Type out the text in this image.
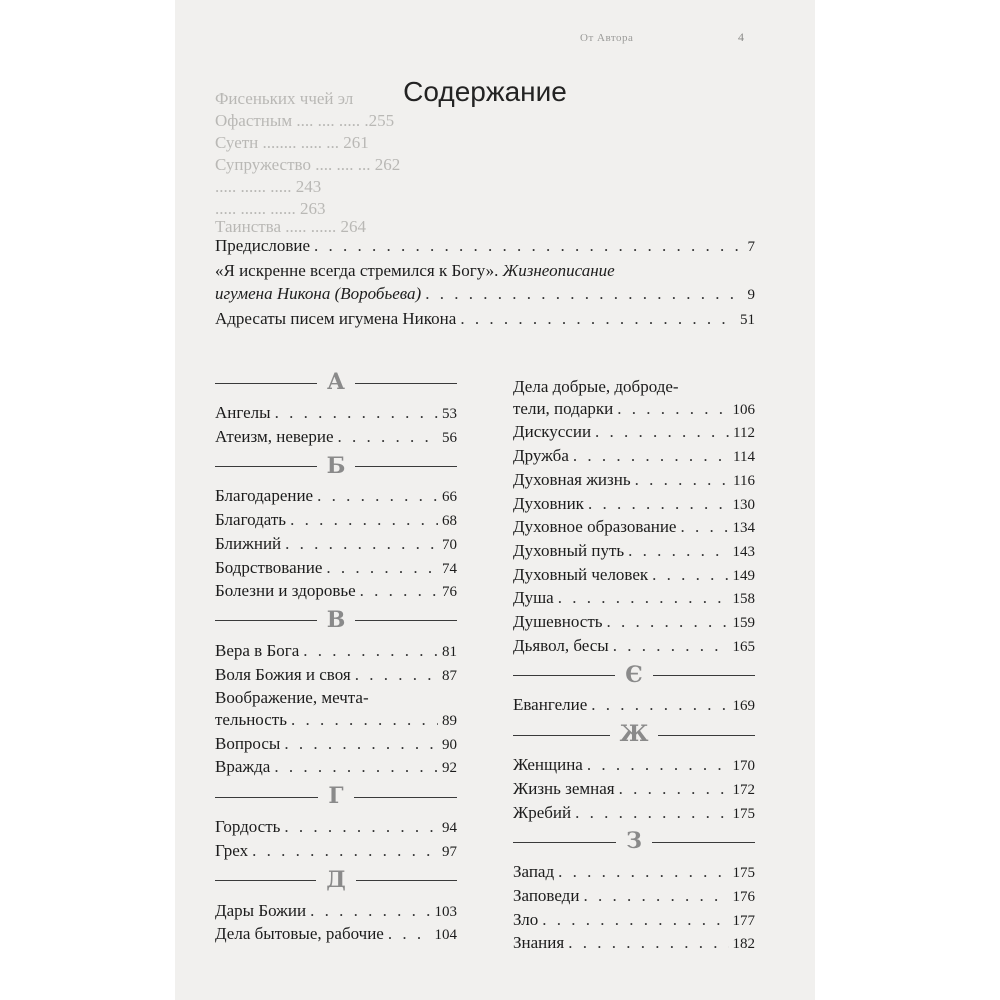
От Автора	4
Фисеньких ччей эл
Офастным .... .... ..... .255
Суетн ........ ..... ... 261
Супружество .... .... ... 262
..... ...... ..... 243
..... ...... ...... 263
Таинства ..... ...... 264
Содержание
Предисловие . . .	7
«Я искренне всегда стремился к Богу». Жизнеописание
игумена Никона (Воробьева) . . .	9
Адресаты писем игумена Никона . . .	51
А
Ангелы . . .	53
Атеизм, неверие . . .	56
Б
Благодарение . . .	66
Благодать . . .	68
Ближний . . .	70
Бодрствование . . .	74
Болезни и здоровье . . .	76
В
Вера в Бога . . .	81
Воля Божия и своя . . .	87
Воображение, мечта-
тельность . . .	89
Вопросы . . .	90
Вражда . . .	92
Г
Гордость . . .	94
Грех . . .	97
Д
Дары Божии . . .	103
Дела бытовые, рабочие . . .	104
Дела добрые, доброде-
тели, подарки . . .	106
Дискуссии . . .	112
Дружба . . .	114
Духовная жизнь . . .	116
Духовник . . .	130
Духовное образование . . .	134
Духовный путь . . .	143
Духовный человек . . .	149
Душа . . .	158
Душевность . . .	159
Дьявол, бесы . . .	165
Є
Евангелие . . .	169
Ж
Женщина . . .	170
Жизнь земная . . .	172
Жребий . . .	175
З
Запад . . .	175
Заповеди . . .	176
Зло . . .	177
Знания . . .	182
